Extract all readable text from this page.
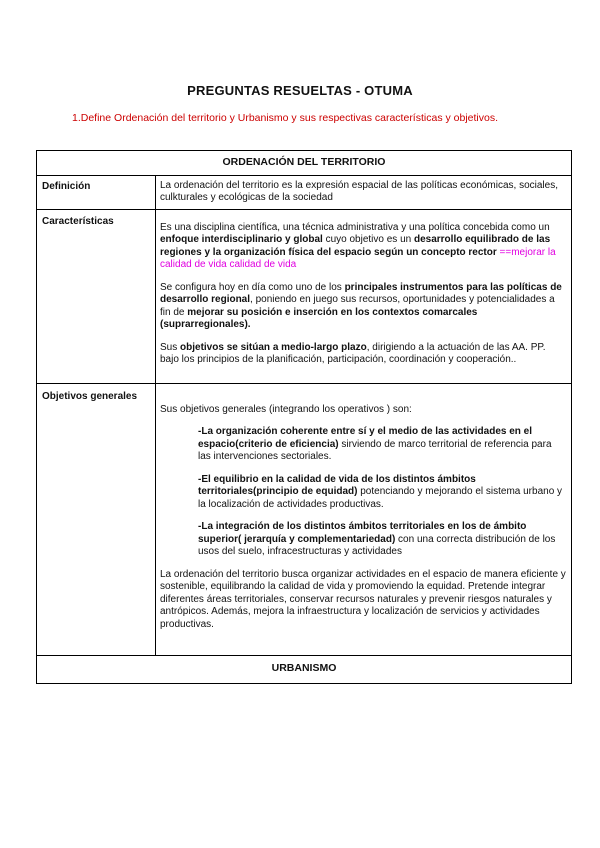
PREGUNTAS RESUELTAS - OTUMA
1.Define Ordenación del territorio y Urbanismo y sus respectivas características y objetivos.
ORDENACIÓN DEL TERRITORIO	
Definición	La ordenación del territorio es la expresión espacial de las políticas económicas, sociales, culkturales y ecológicas de la sociedad
Características	Es una disciplina científica, una técnica administrativa y una política concebida como un enfoque interdisciplinario y global cuyo objetivo es un desarrollo equilibrado de las regiones y la organización física del espacio según un concepto rector ==mejorar la calidad de vida calidad de vida

Se configura hoy en día como uno de los principales instrumentos para las políticas de desarrollo regional, poniendo en juego sus recursos, oportunidades y potencialidades a fin de mejorar su posición e inserción en los contextos comarcales (suprarregionales).

Sus objetivos se sitúan a medio-largo plazo, dirigiendo a la actuación de las AA. PP. bajo los principios de la planificación, participación, coordinación y cooperación..

Objetivos generales	Sus objetivos generales (integrando los operativos ) son:

-La organización coherente entre sí y el medio de las actividades en el espacio(criterio de eficiencia) sirviendo de marco territorial de referencia para las intervenciones sectoriales.

-El equilibrio en la calidad de vida de los distintos ámbitos territoriales(principio de equidad) potenciando y mejorando el sistema urbano y la localización de actividades productivas.

-La integración de los distintos ámbitos territoriales en los de ámbito superior( jerarquía y complementariedad) con una correcta distribución de los usos del suelo, infracestructuras y actividades

La ordenación del territorio busca organizar actividades en el espacio de manera eficiente y sostenible, equilibrando la calidad de vida y promoviendo la equidad. Pretende integrar diferentes áreas territoriales, conservar recursos naturales y prevenir riesgos naturales y antrópicos. Además, mejora la infraestructura y localización de servicios y actividades productivas.

URBANISMO	
